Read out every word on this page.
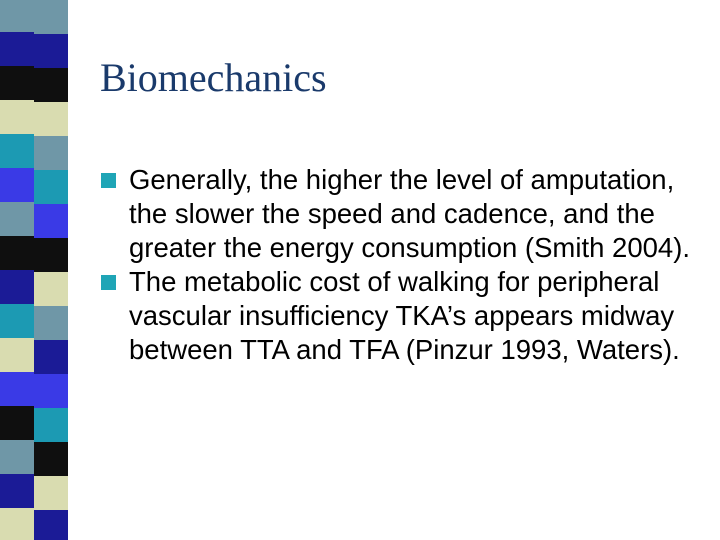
Biomechanics
Generally, the higher the level of amputation, the slower the speed and cadence, and the greater the energy consumption (Smith 2004).
The metabolic cost of walking for peripheral vascular insufficiency TKA’s appears midway between TTA and TFA (Pinzur 1993, Waters).
